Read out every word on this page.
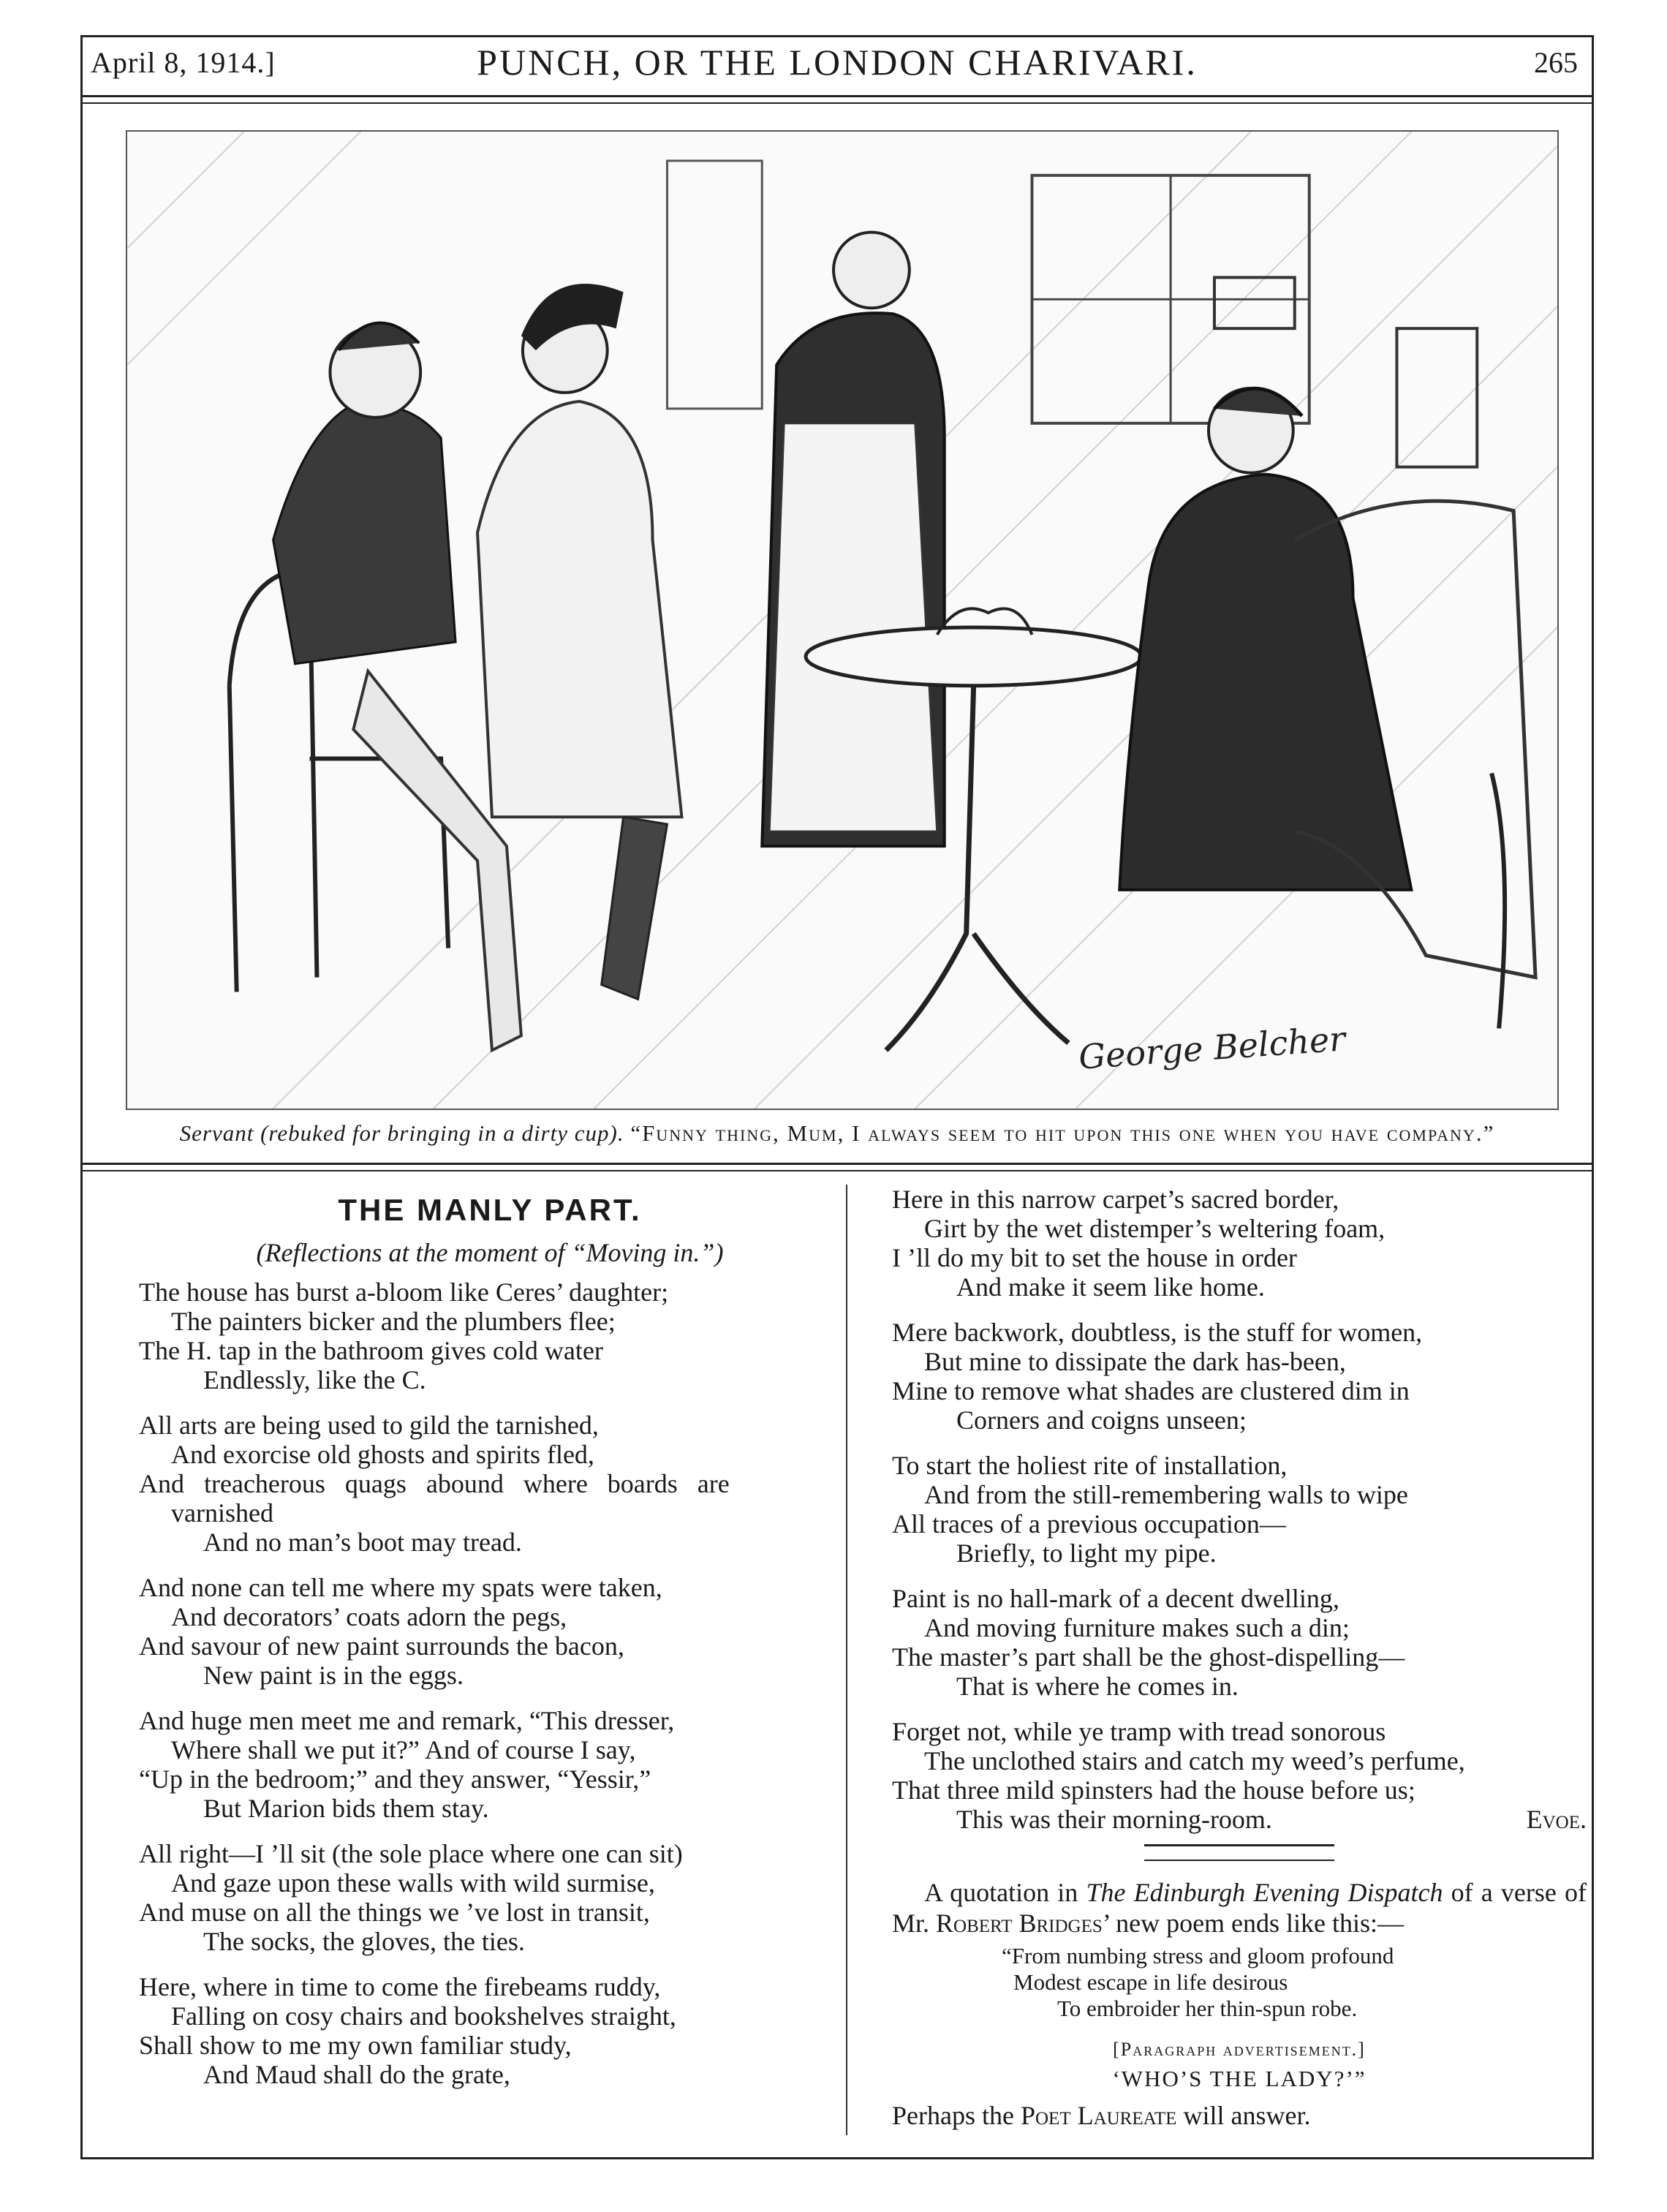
April 8, 1914.]	PUNCH, OR THE LONDON CHARIVARI.	265
George Belcher
Servant (rebuked for bringing in a dirty cup). “Funny thing, Mum, I always seem to hit upon this one when you have company.”
THE MANLY PART.
(Reflections at the moment of “Moving in.”)
The house has burst a-bloom like Ceres’ daughter;
The painters bicker and the plumbers flee;
The H. tap in the bathroom gives cold water
Endlessly, like the C.
All arts are being used to gild the tarnished,
And exorcise old ghosts and spirits fled,
And treacherous quags abound where boards are
varnished
And no man’s boot may tread.
And none can tell me where my spats were taken,
And decorators’ coats adorn the pegs,
And savour of new paint surrounds the bacon,
New paint is in the eggs.
And huge men meet me and remark, “This dresser,
Where shall we put it?” And of course I say,
“Up in the bedroom;” and they answer, “Yessir,”
But Marion bids them stay.
All right—I ’ll sit (the sole place where one can sit)
And gaze upon these walls with wild surmise,
And muse on all the things we ’ve lost in transit,
The socks, the gloves, the ties.
Here, where in time to come the firebeams ruddy,
Falling on cosy chairs and bookshelves straight,
Shall show to me my own familiar study,
And Maud shall do the grate,
Here in this narrow carpet’s sacred border,
Girt by the wet distemper’s weltering foam,
I ’ll do my bit to set the house in order
And make it seem like home.
Mere backwork, doubtless, is the stuff for women,
But mine to dissipate the dark has-been,
Mine to remove what shades are clustered dim in
Corners and coigns unseen;
To start the holiest rite of installation,
And from the still-remembering walls to wipe
All traces of a previous occupation—
Briefly, to light my pipe.
Paint is no hall-mark of a decent dwelling,
And moving furniture makes such a din;
The master’s part shall be the ghost-dispelling—
That is where he comes in.
Forget not, while ye tramp with tread sonorous
The unclothed stairs and catch my weed’s perfume,
That three mild spinsters had the house before us;
This was their morning-room.	Evoe.
A quotation in The Edinburgh Evening Dispatch of a verse of Mr. Robert Bridges’ new poem ends like this:—
“From numbing stress and gloom profound
Modest escape in life desirous
To embroider her thin-spun robe.
[Paragraph advertisement.]
‘WHO’S THE LADY?’”
Perhaps the Poet Laureate will answer.
